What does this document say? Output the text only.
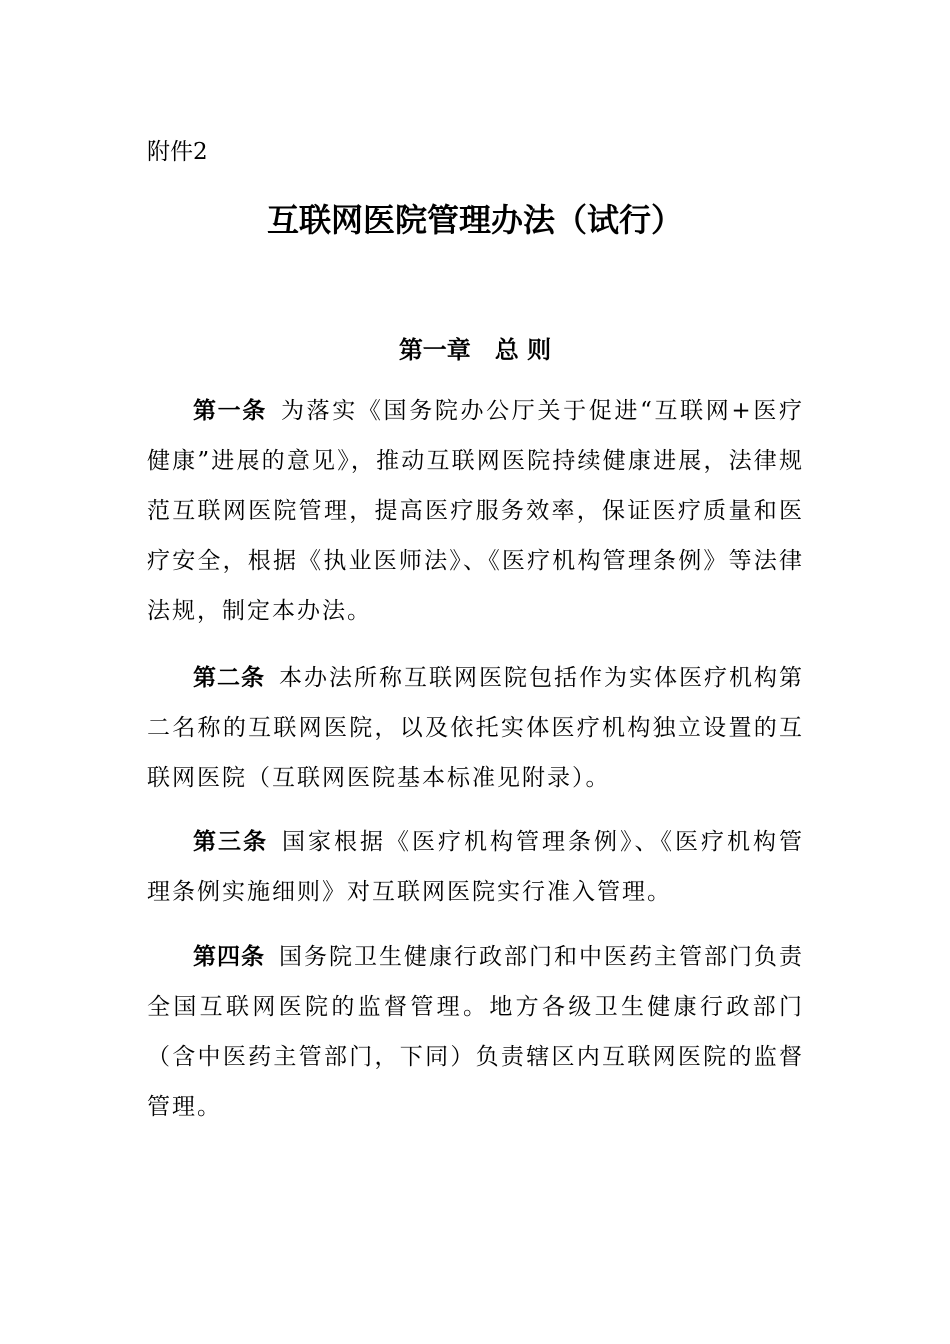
附件2
互联网医院管理办法（试行）
第一章　总 则

第一条 为落实《国务院办公厅关于促进“互联网+医疗健康”进展的意见》，推动互联网医院持续健康进展，法律规范互联网医院管理，提高医疗服务效率，保证医疗质量和医疗安全，根据《执业医师法》、《医疗机构管理条例》等法律法规，制定本办法。

第二条 本办法所称互联网医院包括作为实体医疗机构第二名称的互联网医院，以及依托实体医疗机构独立设置的互联网医院（互联网医院基本标准见附录）。

第三条 国家根据《医疗机构管理条例》、《医疗机构管理条例实施细则》对互联网医院实行准入管理。

第四条 国务院卫生健康行政部门和中医药主管部门负责全国互联网医院的监督管理。地方各级卫生健康行政部门（含中医药主管部门，下同）负责辖区内互联网医院的监督管理。
